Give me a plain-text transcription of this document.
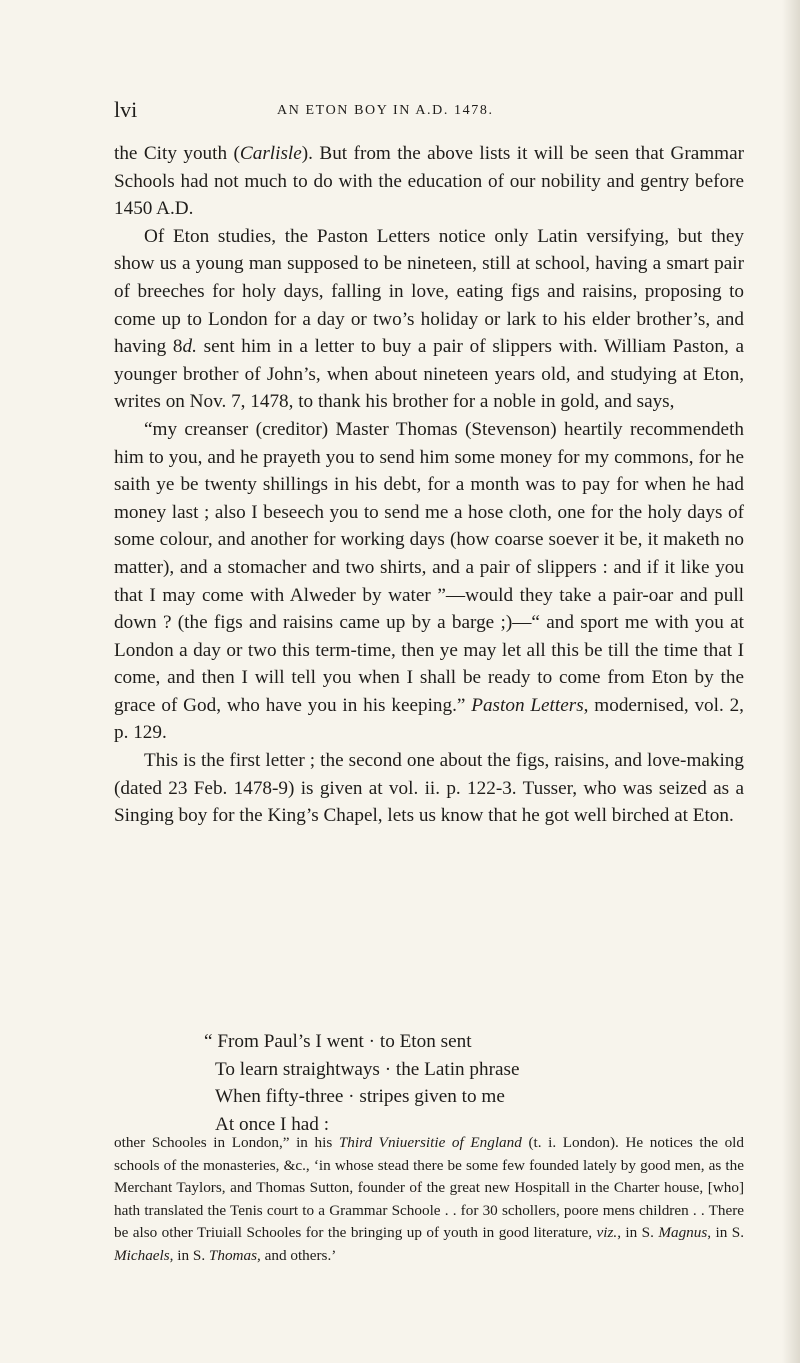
lvi	AN ETON BOY IN A.D. 1478.

the City youth (Carlisle). But from the above lists it will be seen that Grammar Schools had not much to do with the education of our nobility and gentry before 1450 A.D.

Of Eton studies, the Paston Letters notice only Latin versifying, but they show us a young man supposed to be nineteen, still at school, having a smart pair of breeches for holy days, falling in love, eating figs and raisins, proposing to come up to London for a day or two’s holiday or lark to his elder brother’s, and having 8d. sent him in a letter to buy a pair of slippers with. William Paston, a younger brother of John’s, when about nineteen years old, and studying at Eton, writes on Nov. 7, 1478, to thank his brother for a noble in gold, and says,

“my creanser (creditor) Master Thomas (Stevenson) heartily recommendeth him to you, and he prayeth you to send him some money for my commons, for he saith ye be twenty shillings in his debt, for a month was to pay for when he had money last ; also I beseech you to send me a hose cloth, one for the holy days of some colour, and another for working days (how coarse soever it be, it maketh no matter), and a stomacher and two shirts, and a pair of slippers : and if it like you that I may come with Alweder by water ”—would they take a pair-oar and pull down ? (the figs and raisins came up by a barge ;)—“ and sport me with you at London a day or two this term-time, then ye may let all this be till the time that I come, and then I will tell you when I shall be ready to come from Eton by the grace of God, who have you in his keeping.” Paston Letters, modernised, vol. 2, p. 129.

This is the first letter ; the second one about the figs, raisins, and love-making (dated 23 Feb. 1478-9) is given at vol. ii. p. 122-3. Tusser, who was seized as a Singing boy for the King’s Chapel, lets us know that he got well birched at Eton.

“ From Paul’s I went · to Eton sent
To learn straightways · the Latin phrase
When fifty-three · stripes given to me
At once I had :

other Schooles in London,” in his Third Vniuersitie of England (t. i. London). He notices the old schools of the monasteries, &c., ‘in whose stead there be some few founded lately by good men, as the Merchant Taylors, and Thomas Sutton, founder of the great new Hospitall in the Charter house, [who] hath translated the Tenis court to a Grammar Schoole . . for 30 schollers, poore mens children . . There be also other Triuiall Schooles for the bringing up of youth in good literature, viz., in S. Magnus, in S. Michaels, in S. Thomas, and others.’
